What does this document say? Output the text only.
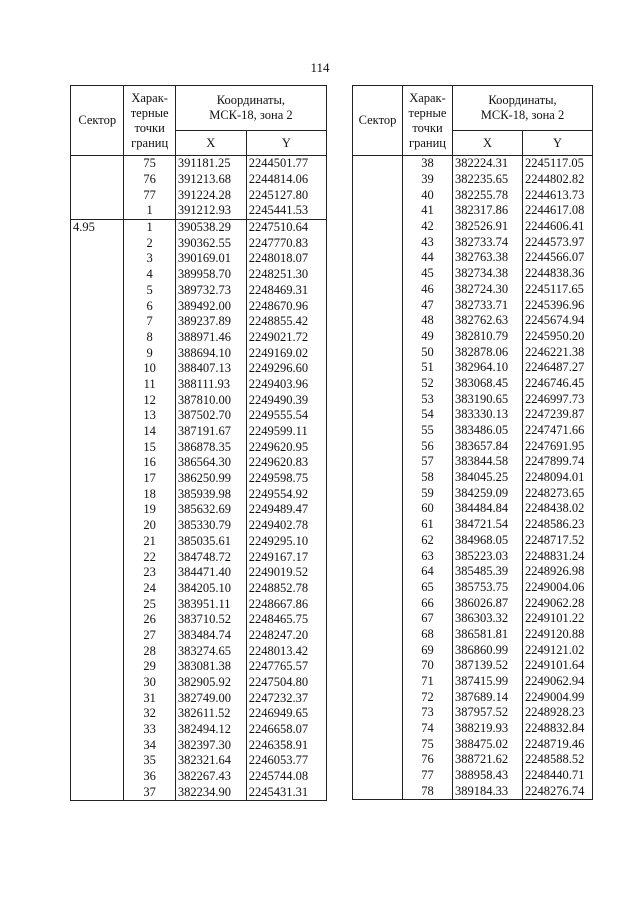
114
Сектор	Харак-
терные
точки
границ	Координаты,
МСК-18, зона 2	
		X	Y
	75	391181.25	2244501.77
	76	391213.68	2244814.06
	77	391224.28	2245127.80
	1	391212.93	2245441.53
4.95	1	390538.29	2247510.64
	2	390362.55	2247770.83
	3	390169.01	2248018.07
	4	389958.70	2248251.30
	5	389732.73	2248469.31
	6	389492.00	2248670.96
	7	389237.89	2248855.42
	8	388971.46	2249021.72
	9	388694.10	2249169.02
	10	388407.13	2249296.60
	11	388111.93	2249403.96
	12	387810.00	2249490.39
	13	387502.70	2249555.54
	14	387191.67	2249599.11
	15	386878.35	2249620.95
	16	386564.30	2249620.83
	17	386250.99	2249598.75
	18	385939.98	2249554.92
	19	385632.69	2249489.47
	20	385330.79	2249402.78
	21	385035.61	2249295.10
	22	384748.72	2249167.17
	23	384471.40	2249019.52
	24	384205.10	2248852.78
	25	383951.11	2248667.86
	26	383710.52	2248465.75
	27	383484.74	2248247.20
	28	383274.65	2248013.42
	29	383081.38	2247765.57
	30	382905.92	2247504.80
	31	382749.00	2247232.37
	32	382611.52	2246949.65
	33	382494.12	2246658.07
	34	382397.30	2246358.91
	35	382321.64	2246053.77
	36	382267.43	2245744.08
	37	382234.90	2245431.31
Сектор	Харак-
терные
точки
границ	Координаты,
МСК-18, зона 2	
		X	Y
	38	382224.31	2245117.05
	39	382235.65	2244802.82
	40	382255.78	2244613.73
	41	382317.86	2244617.08
	42	382526.91	2244606.41
	43	382733.74	2244573.97
	44	382763.38	2244566.07
	45	382734.38	2244838.36
	46	382724.30	2245117.65
	47	382733.71	2245396.96
	48	382762.63	2245674.94
	49	382810.79	2245950.20
	50	382878.06	2246221.38
	51	382964.10	2246487.27
	52	383068.45	2246746.45
	53	383190.65	2246997.73
	54	383330.13	2247239.87
	55	383486.05	2247471.66
	56	383657.84	2247691.95
	57	383844.58	2247899.74
	58	384045.25	2248094.01
	59	384259.09	2248273.65
	60	384484.84	2248438.02
	61	384721.54	2248586.23
	62	384968.05	2248717.52
	63	385223.03	2248831.24
	64	385485.39	2248926.98
	65	385753.75	2249004.06
	66	386026.87	2249062.28
	67	386303.32	2249101.22
	68	386581.81	2249120.88
	69	386860.99	2249121.02
	70	387139.52	2249101.64
	71	387415.99	2249062.94
	72	387689.14	2249004.99
	73	387957.52	2248928.23
	74	388219.93	2248832.84
	75	388475.02	2248719.46
	76	388721.62	2248588.52
	77	388958.43	2248440.71
	78	389184.33	2248276.74
